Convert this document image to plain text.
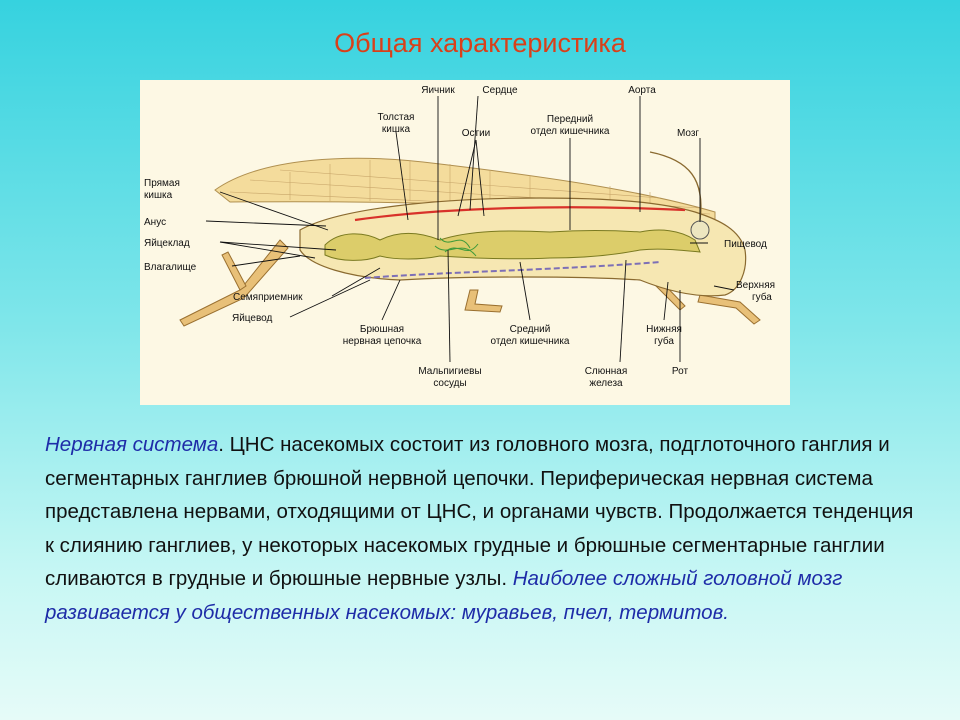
Общая характеристика
Яичник	Сердце	Аорта
Толстая
кишка	Остии
Передний
отдел кишечника	Мозг
Прямая
кишка
Анус
Яйцеклад
Влагалище
Семяприемник
Яйцевод
Брюшная
нервная цепочка
Средний
отдел кишечника
Мальпигиевы
сосуды
Нижняя
губа
Рот
Слюнная
железа
Пищевод
Верхняя
губа
Нервная система. ЦНС насекомых состоит из головного мозга, подглоточного ганглия и сегментарных ганглиев брюшной нервной цепочки. Периферическая нервная система представлена нервами, отходящими от ЦНС, и органами чувств. Продолжается тенденция к слиянию ганглиев, у некоторых насекомых грудные и брюшные сегментарные ганглии сливаются в грудные и брюшные нервные узлы. Наиболее сложный головной мозг развивается у общественных насекомых: муравьев, пчел, термитов.
